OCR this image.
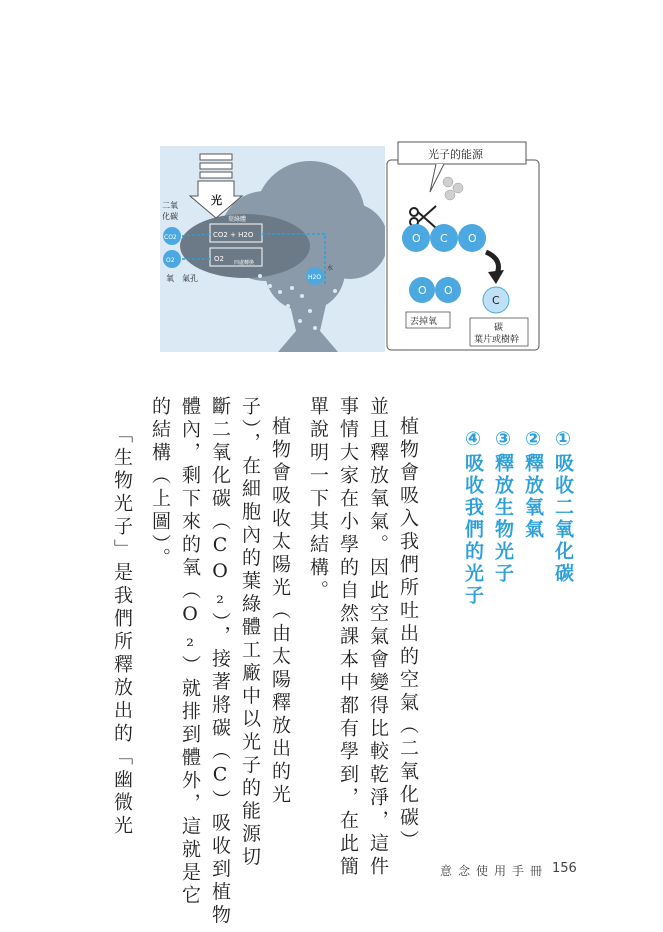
光
二氧
化碳
CO2
O2
氧 氣孔
CO2 + H2O
O2 四處轉換
葉綠體
H2O
水
光子的能源
O C O
O O
C
丟掉氧
碳
葉片或樹幹
①吸收二氧化碳
②釋放氧氣
③釋放生物光子
④吸收我們的光子
植物會吸入我們所吐出的空氣（二氧化碳）
並且釋放氧氣。因此空氣會變得比較乾淨，這件
事情大家在小學的自然課本中都有學到，在此簡
單說明一下其結構。
植物會吸收太陽光（由太陽釋放出的光
子），在細胞內的葉綠體工廠中以光子的能源切
斷二氧化碳（CO₂），接著將碳（C）吸收到植物
體內，剩下來的氧（O₂）就排到體外，這就是它
的結構（上圖）。
「生物光子」是我們所釋放出的「幽微光
意念使用手冊 156
